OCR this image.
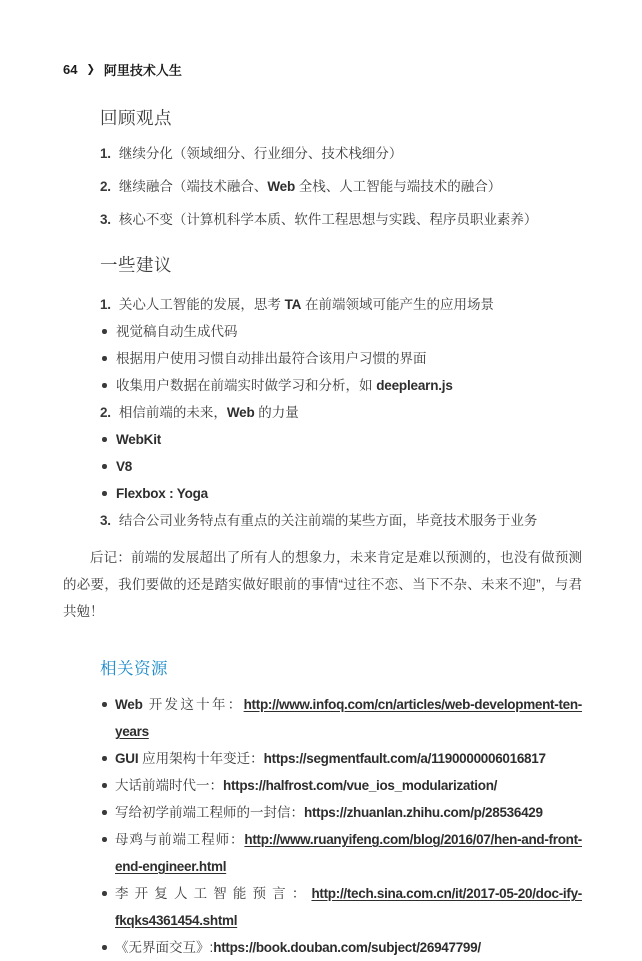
64 ❯ 阿里技术人生
回顾观点
1. 继续分化（领域细分、行业细分、技术栈细分）
2. 继续融合（端技术融合、Web 全栈、人工智能与端技术的融合）
3. 核心不变（计算机科学本质、软件工程思想与实践、程序员职业素养）
一些建议
1. 关心人工智能的发展，思考 TA 在前端领域可能产生的应用场景
视觉稿自动生成代码
根据用户使用习惯自动排出最符合该用户习惯的界面
收集用户数据在前端实时做学习和分析，如 deeplearn.js
2. 相信前端的未来，Web 的力量
WebKit
V8
Flexbox : Yoga
3. 结合公司业务特点有重点的关注前端的某些方面，毕竟技术服务于业务

后记：前端的发展超出了所有人的想象力，未来肯定是难以预测的，也没有做预测的必要，我们要做的还是踏实做好眼前的事情“过往不恋、当下不杂、未来不迎”，与君共勉！

相关资源
Web 开发这十年：http://www.infoq.com/cn/articles/web-development-ten-years
GUI 应用架构十年变迁：https://segmentfault.com/a/1190000006016817
大话前端时代一：https://halfrost.com/vue_ios_modularization/
写给初学前端工程师的一封信：https://zhuanlan.zhihu.com/p/28536429
母鸡与前端工程师：http://www.ruanyifeng.com/blog/2016/07/hen-and-front-end-engineer.html
李开复人工智能预言：http://tech.sina.com.cn/it/2017-05-20/doc-ify-fkqks4361454.shtml
《无界面交互》:https://book.douban.com/subject/26947799/
